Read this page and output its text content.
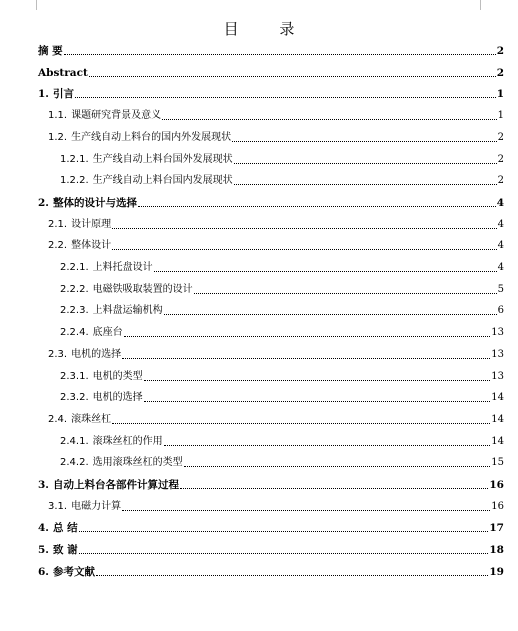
目 录
摘 要	2
Abstract	2
1. 引言	1
1.1. 课题研究背景及意义	1
1.2. 生产线自动上料台的国内外发展现状	2
1.2.1. 生产线自动上料台国外发展现状	2
1.2.2. 生产线自动上料台国内发展现状	2
2. 整体的设计与选择	4
2.1. 设计原理	4
2.2. 整体设计	4
2.2.1. 上料托盘设计	4
2.2.2. 电磁铁吸取装置的设计	5
2.2.3. 上料盘运输机构	6
2.2.4. 底座台	13
2.3. 电机的选择	13
2.3.1. 电机的类型	13
2.3.2. 电机的选择	14
2.4. 滚珠丝杠	14
2.4.1. 滚珠丝杠的作用	14
2.4.2. 选用滚珠丝杠的类型	15
3. 自动上料台各部件计算过程	16
3.1. 电磁力计算	16
4. 总 结	17
5. 致 谢	18
6. 参考文献	19
